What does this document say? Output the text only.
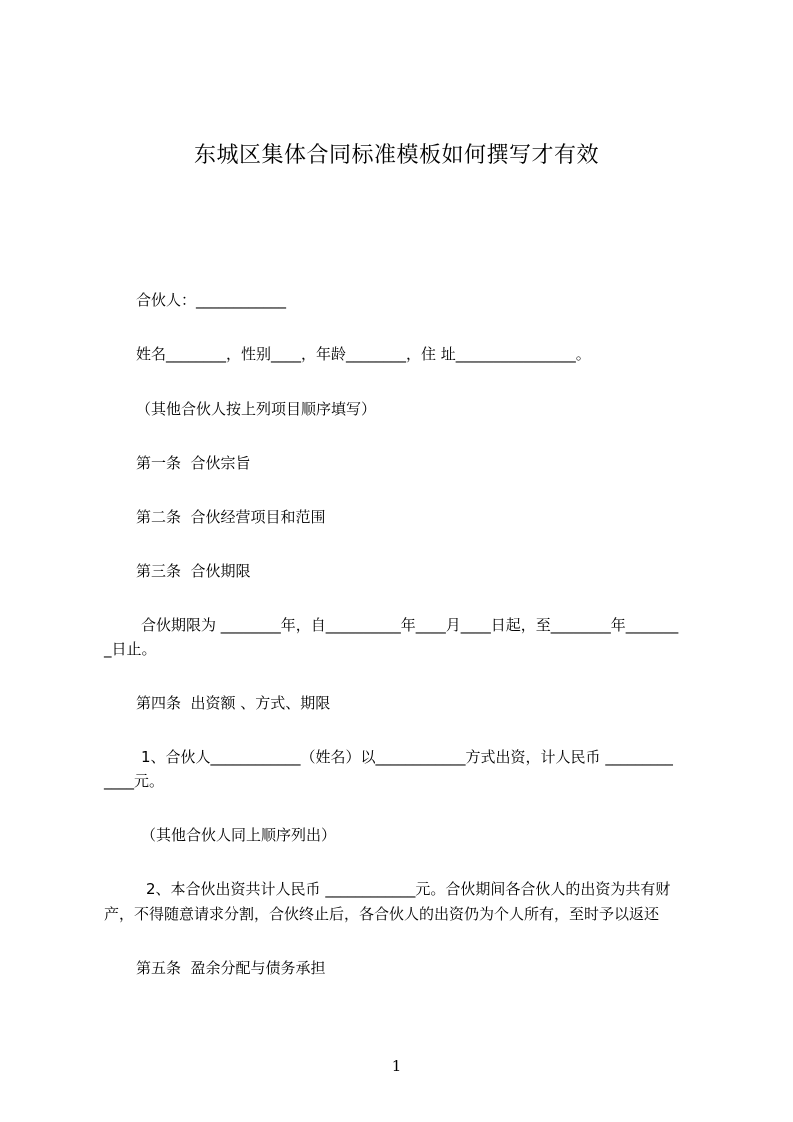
东城区集体合同标准模板如何撰写才有效
合伙人：____________
姓名________，性别____，年龄________，住 址________________。
（其他合伙人按上列项目顺序填写）
第一条  合伙宗旨
第二条  合伙经营项目和范围
第三条  合伙期限
合伙期限为 ________年，自__________年____月____日起，至________年_______
_日止。
第四条  出资额 、方式、期限
1、合伙人____________（姓名）以____________方式出资，计人民币 _________
____元。
（其他合伙人同上顺序列出）
2、本合伙出资共计人民币 ____________元。合伙期间各合伙人的出资为共有财
产，不得随意请求分割，合伙终止后，各合伙人的出资仍为个人所有，至时予以返还
第五条  盈余分配与债务承担
1
